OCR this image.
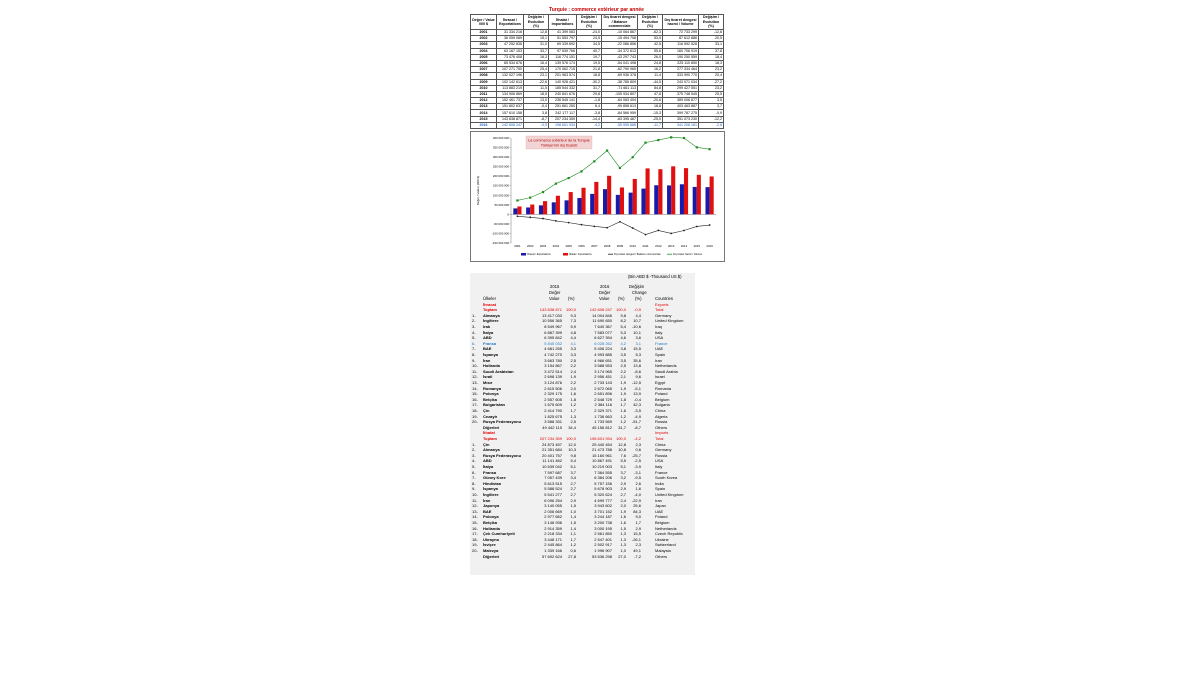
Turquie : commerce extérieur par année
Değer / Value 000 $	İhracat / Exportations	Değişim / Evolution (%)	İthalat / Importations	Değişim / Evolution (%)	Dış ticaret dengesi / Balance commerciale	Değişim / Evolution (%)	Dış ticaret dengesi hacmi / Volume	Değişim / Evolution (%)
2001	31 334 216	12,8	41 399 083	-24,0	-10 064 867	-62,3	72 733 299	-12,6
2002	36 059 089	15,1	51 553 797	24,5	-15 494 708	53,9	87 612 886	20,5
2003	47 252 836	31,0	69 339 692	34,5	-22 086 856	42,5	116 592 528	33,1
2004	63 167 153	33,7	97 539 766	40,7	-34 372 613	55,6	160 706 919	37,8
2005	73 476 408	16,3	116 774 151	19,7	-43 297 743	26,0	190 250 559	18,4
2006	85 534 676	16,4	139 576 174	19,5	-54 041 498	24,8	225 110 850	18,3
2007	107 271 750	25,4	170 062 715	21,8	-62 790 965	16,2	277 334 464	23,2
2008	132 027 196	23,1	201 963 574	18,8	-69 936 378	11,4	333 990 770	20,4
2009	102 142 613	-22,6	140 928 421	-30,2	-38 785 809	-44,5	243 071 034	-27,2
2010	113 883 219	11,5	185 544 332	31,7	-71 661 113	84,8	299 427 551	23,2
2011	134 906 869	18,5	240 841 676	29,8	-105 934 807	47,8	375 748 545	25,5
2012	152 461 737	13,0	236 545 141	-1,8	-84 083 404	-20,6	389 006 877	3,5
2013	151 802 637	-0,4	251 661 250	6,4	-99 858 613	18,8	403 463 887	3,7
2014	157 610 158	3,8	242 177 117	-3,8	-84 566 959	-15,3	399 787 275	-0,9
2015	143 838 871	-8,7	207 234 359	-14,4	-63 395 487	-25,0	351 073 230	-12,2
2016	142 606 247	-0,9	198 601 934	-4,2	-55 995 686	-11,7	341 208 181	-2,8
La commerce extérieur de la Turquie
Türkiye'nin dış ticareti
Değer / Valeur (000 $)
-150 000 000
-100 000 000
-50 000 000
0
50 000 000
100 000 000
150 000 000
200 000 000
250 000 000
300 000 000
350 000 000
400 000 000
2001 2002 2003 2004 2005 2006 2007 2008 2009 2010 2011 2012 2013 2014 2015 2016
İhracat / Exportations	İthalat / Importations	Dış ticaret dengesi / Balance commerciale	Dış ticaret hacmi / Volume
(Bin ABD $ -Thousand US $)
2015	2016	Değişim
Değer	Değer	Change
Ülkeler	Value (%)	Value (%) (%)	Countries
İhracat	Exports
Toplam	143 838 871 100,0	142 606 247 100,0	-0,9	Total
1-	Almanya	13 417 033	9,3	14 004 846	9,8	4,4	Germany
2-	İngiltere	10 556 365	7,3	11 690 650	8,2	10,7	United Kingdom
3-	Irak	8 549 967	5,9	7 640 367	5,4	-10,6	Iraq
4-	İtalya	6 887 399	4,8	7 583 077	5,3	10,1	Italy
5-	ABD	6 395 842	4,4	6 627 394	4,6	3,6	USA
6-	Fransa	5 845 032	4,1	6 028 262	4,2	3,1	France
7-	BAE	4 681 255	3,3	5 406 224	3,8	15,5	UAE
8-	İspanya	4 742 270	3,3	4 993 885	3,5	5,3	Spain
9-	İran	3 663 780	2,5	4 966 651	3,5	35,6	Iran
10-	Hollanda	3 154 867	2,2	3 588 553	2,5	13,8	Netherlands
11-	Suudi Arabistan	3 472 514	2,4	3 174 965	2,2	-8,6	Saudi Arabia
12-	İsrail	2 698 139	1,9	2 956 451	2,1	9,6	Israel
13-	Mısır	3 124 876	2,2	2 733 143	1,9	-12,5	Egypt
14-	Romanya	2 615 506	2,0	2 672 065	1,9	-5,1	Romania
15-	Polonya	2 329 175	1,6	2 651 896	1,9	13,9	Poland
16-	Belçika	2 557 605	1,8	2 548 729	1,8	-0,4	Belgium
17-	Bulgaristan	1 675 609	1,2	2 384 116	1,7	42,3	Bulgaria
18-	Çin	2 414 790	1,7	2 329 371	1,6	-3,5	China
19-	Cezayir	1 825 675	1,3	1 736 663	1,2	-4,9	Algeria
20-	Rusya Federasyonu	3 588 331	2,5	1 733 569	1,2	-51,7	Russia
Diğerleri	49 442 115	34,4	45 156 812	31,7	-8,7	Others
İthalat	Imports
Toplam	207 234 359 100,0	198 601 934 100,0	-4,2	Total
1-	Çin	24 873 457	12,0	25 440 454	12,8	2,3	China
2-	Almanya	21 351 684	10,3	21 473 788	10,8	0,6	Germany
3-	Rusya Federasyonu	20 401 757	9,8	15 160 961	7,6	-25,7	Russia
4-	ABD	11 141 462	5,4	10 867 491	5,5	-2,5	USA
5-	İtalya	10 639 042	5,1	10 219 003	5,1	-3,9	Italy
6-	Fransa	7 597 687	3,7	7 364 555	3,7	-3,1	France
7-	Güney Kore	7 057 439	3,4	6 384 206	3,2	-9,5	South Korea
8-	Hindistan	5 613 515	2,7	5 757 156	2,9	2,6	India
9-	İspanya	5 588 524	2,7	5 678 903	2,9	1,6	Spain
10-	İngiltere	5 541 277	2,7	5 320 624	2,7	-4,0	United Kingdom
11-	İran	6 096 254	2,9	4 699 777	2,4	-22,9	Iran
12-	Japonya	3 140 055	1,5	3 943 602	2,0	25,6	Japan
13-	BAE	2 006 669	1,0	3 701 152	1,9	84,3	UAE
14-	Polonya	2 977 662	1,4	3 244 187	1,6	9,0	Poland
15-	Belçika	3 146 936	1,5	3 200 738	1,6	1,7	Belgium
16-	Hollanda	2 914 359	1,4	3 000 195	1,5	2,9	Netherlands
17-	Çek Cumhuriyeti	2 218 334	1,1	2 561 850	1,3	15,5	Czech Republic
18-	Ukrayna	3 448 171	1,7	2 547 401	1,3	-26,1	Ukraine
19-	İsviçre	2 445 864	1,2	2 502 917	1,3	2,3	Switzerland
20-	Malezya	1 339 166	0,6	1 996 907	1,0	49,1	Malaysia
Diğerleri	57 692 624	27,8	53 536 298	27,0	-7,2	Others
